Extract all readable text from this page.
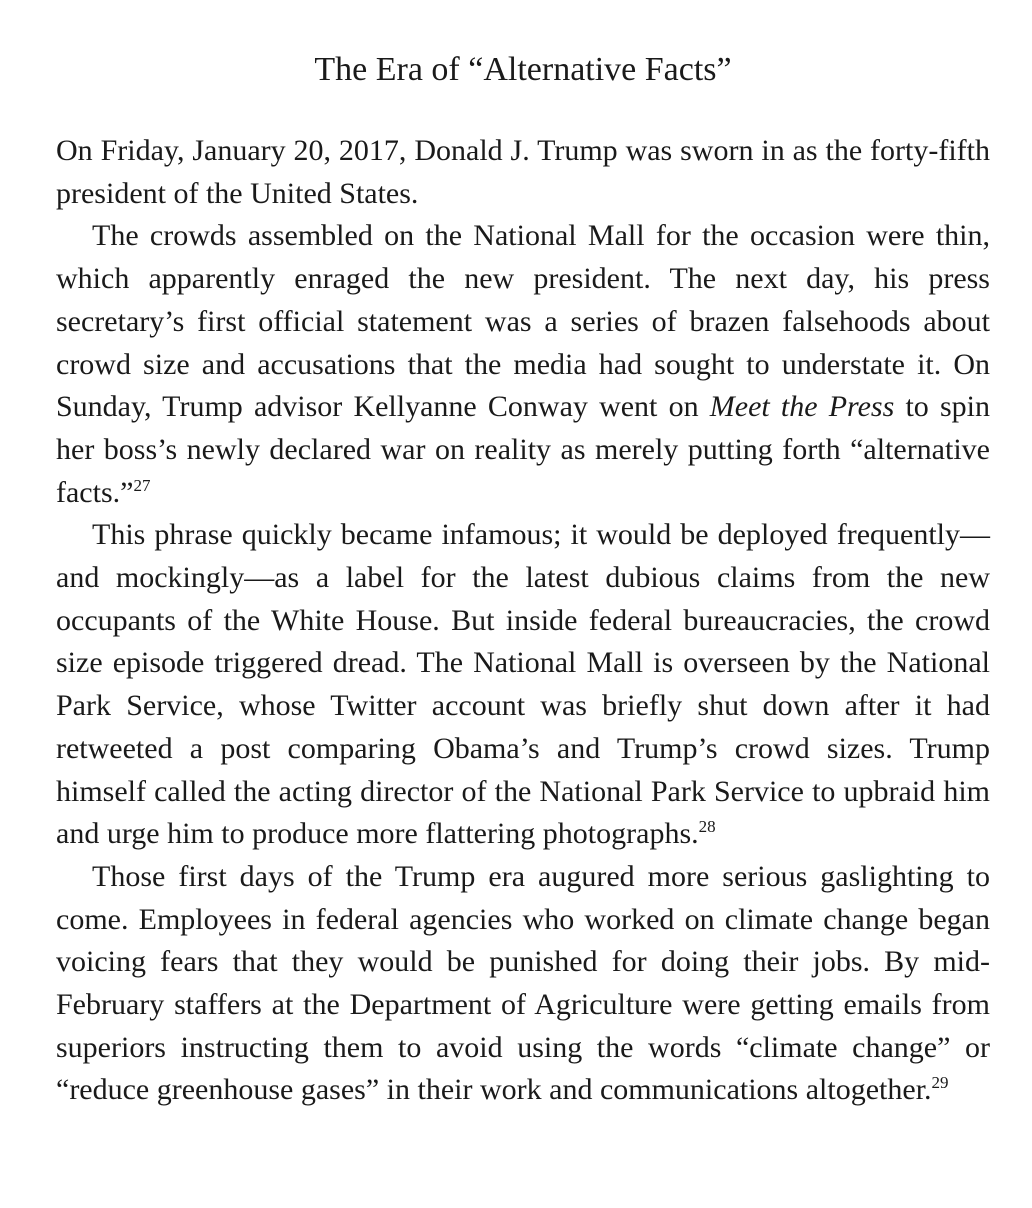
The Era of “Alternative Facts”

On Friday, January 20, 2017, Donald J. Trump was sworn in as the forty-fifth president of the United States.

The crowds assembled on the National Mall for the occasion were thin, which apparently enraged the new president. The next day, his press secretary’s first official statement was a series of brazen falsehoods about crowd size and accusations that the media had sought to understate it. On Sunday, Trump advisor Kellyanne Conway went on Meet the Press to spin her boss’s newly declared war on reality as merely putting forth “alternative facts.”$^{27}$

This phrase quickly became infamous; it would be deployed frequently—and mockingly—as a label for the latest dubious claims from the new occupants of the White House. But inside federal bureaucracies, the crowd size episode triggered dread. The National Mall is overseen by the National Park Service, whose Twitter account was briefly shut down after it had retweeted a post comparing Obama’s and Trump’s crowd sizes. Trump himself called the acting director of the National Park Service to upbraid him and urge him to produce more flattering photographs.$^{28}$

Those first days of the Trump era augured more serious gaslighting to come. Employees in federal agencies who worked on climate change began voicing fears that they would be punished for doing their jobs. By mid-February staffers at the Department of Agriculture were getting emails from superiors instructing them to avoid using the words “climate change” or “reduce greenhouse gases” in their work and communications altogether.$^{29}$
